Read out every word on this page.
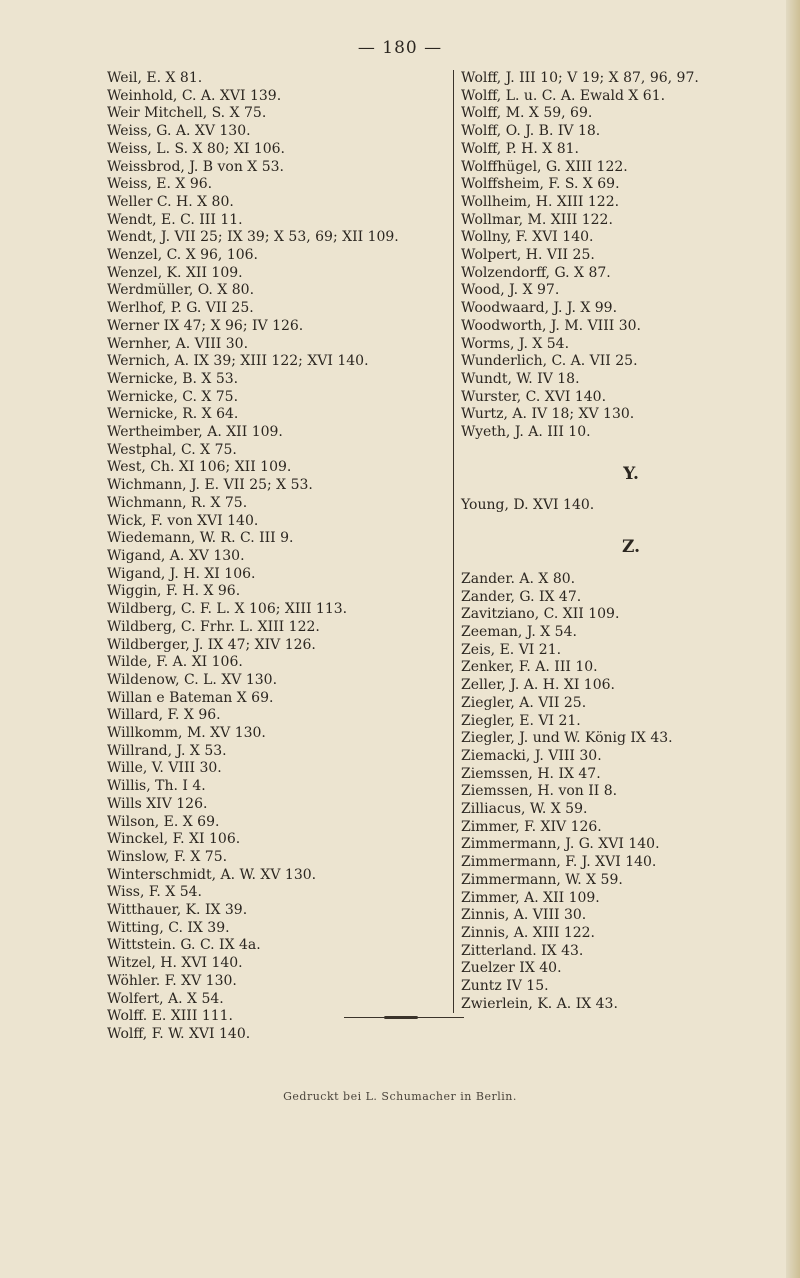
— 180 —
Weil, E. X 81.
Weinhold, C. A. XVI 139.
Weir Mitchell, S. X 75.
Weiss, G. A. XV 130.
Weiss, L. S. X 80; XI 106.
Weissbrod, J. B von X 53.
Weiss, E. X 96.
Weller C. H. X 80.
Wendt, E. C. III 11.
Wendt, J. VII 25; IX 39; X 53, 69; XII 109.
Wenzel, C. X 96, 106.
Wenzel, K. XII 109.
Werdmüller, O. X 80.
Werlhof, P. G. VII 25.
Werner IX 47; X 96; IV 126.
Wernher, A. VIII 30.
Wernich, A. IX 39; XIII 122; XVI 140.
Wernicke, B. X 53.
Wernicke, C. X 75.
Wernicke, R. X 64.
Wertheimber, A. XII 109.
Westphal, C. X 75.
West, Ch. XI 106; XII 109.
Wichmann, J. E. VII 25; X 53.
Wichmann, R. X 75.
Wick, F. von XVI 140.
Wiedemann, W. R. C. III 9.
Wigand, A. XV 130.
Wigand, J. H. XI 106.
Wiggin, F. H. X 96.
Wildberg, C. F. L. X 106; XIII 113.
Wildberg, C. Frhr. L. XIII 122.
Wildberger, J. IX 47; XIV 126.
Wilde, F. A. XI 106.
Wildenow, C. L. XV 130.
Willan e Bateman X 69.
Willard, F. X 96.
Willkomm, M. XV 130.
Willrand, J. X 53.
Wille, V. VIII 30.
Willis, Th. I 4.
Wills XIV 126.
Wilson, E. X 69.
Winckel, F. XI 106.
Winslow, F. X 75.
Winterschmidt, A. W. XV 130.
Wiss, F. X 54.
Witthauer, K. IX 39.
Witting, C. IX 39.
Wittstein. G. C. IX 4a.
Witzel, H. XVI 140.
Wöhler. F. XV 130.
Wolfert, A. X 54.
Wolff. E. XIII 111.
Wolff, F. W. XVI 140.
Wolff, J. III 10; V 19; X 87, 96, 97.
Wolff, L. u. C. A. Ewald X 61.
Wolff, M. X 59, 69.
Wolff, O. J. B. IV 18.
Wolff, P. H. X 81.
Wolffhügel, G. XIII 122.
Wolffsheim, F. S. X 69.
Wollheim, H. XIII 122.
Wollmar, M. XIII 122.
Wollny, F. XVI 140.
Wolpert, H. VII 25.
Wolzendorff, G. X 87.
Wood, J. X 97.
Woodwaard, J. J. X 99.
Woodworth, J. M. VIII 30.
Worms, J. X 54.
Wunderlich, C. A. VII 25.
Wundt, W. IV 18.
Wurster, C. XVI 140.
Wurtz, A. IV 18; XV 130.
Wyeth, J. A. III 10.
Y.
Young, D. XVI 140.
Z.
Zander. A. X 80.
Zander, G. IX 47.
Zavitziano, C. XII 109.
Zeeman, J. X 54.
Zeis, E. VI 21.
Zenker, F. A. III 10.
Zeller, J. A. H. XI 106.
Ziegler, A. VII 25.
Ziegler, E. VI 21.
Ziegler, J. und W. König IX 43.
Ziemacki, J. VIII 30.
Ziemssen, H. IX 47.
Ziemssen, H. von II 8.
Zilliacus, W. X 59.
Zimmer, F. XIV 126.
Zimmermann, J. G. XVI 140.
Zimmermann, F. J. XVI 140.
Zimmermann, W. X 59.
Zimmer, A. XII 109.
Zinnis, A. VIII 30.
Zinnis, A. XIII 122.
Zitterland. IX 43.
Zuelzer IX 40.
Zuntz IV 15.
Zwierlein, K. A. IX 43.
Gedruckt bei L. Schumacher in Berlin.
